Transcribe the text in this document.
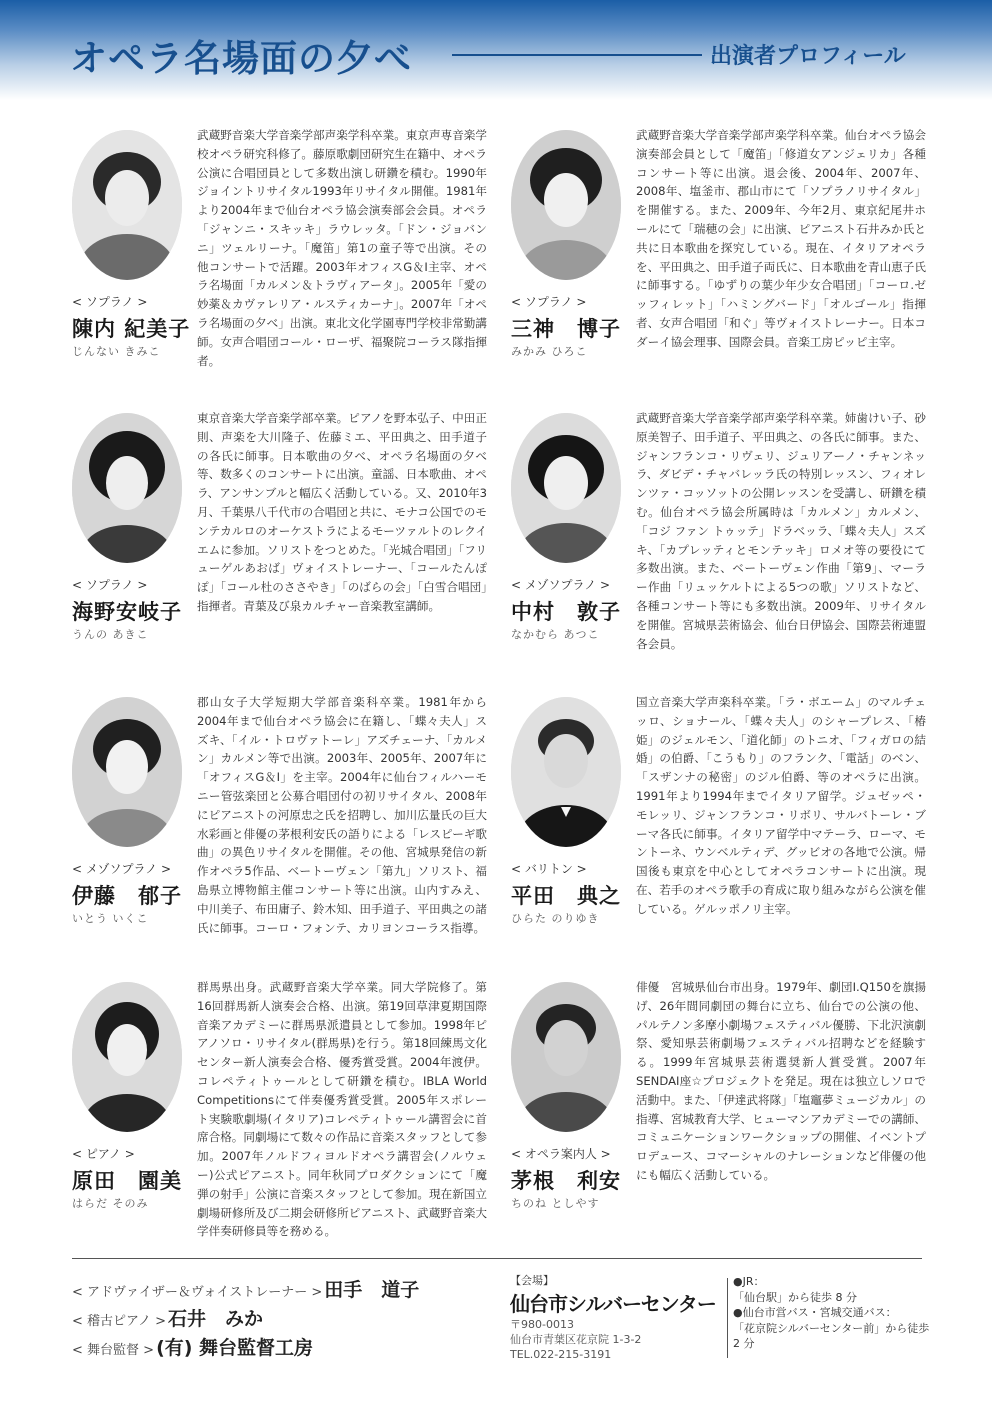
オペラ名場面の夕べ	出演者プロフィール
< ソプラノ >
陳内 紀美子
じんない きみこ
武蔵野音楽大学音楽学部声楽学科卒業。東京声専音楽学校オペラ研究科修了。藤原歌劇団研究生在籍中、オペラ公演に合唱団員として多数出演し研鑽を積む。1990年ジョイントリサイタル1993年リサイタル開催。1981年より2004年まで仙台オペラ協会演奏部会会員。オペラ「ジャンニ・スキッキ」ラウレッタ。「ドン・ジョバンニ」ツェルリーナ。「魔笛」第1の童子等で出演。その他コンサートで活躍。2003年オフィスG＆I主宰、オペラ名場面「カルメン＆トラヴィアータ」。2005年「愛の妙薬＆カヴァレリア・ルスティカーナ」。2007年「オペラ名場面の夕べ」出演。東北文化学園専門学校非常勤講師。女声合唱団コール・ローザ、福聚院コーラス隊指揮者。
< ソプラノ >
三神　博子
みかみ ひろこ
武蔵野音楽大学音楽学部声楽学科卒業。仙台オペラ協会演奏部会員として「魔笛」「修道女アンジェリカ」各種コンサート等に出演。退会後、2004年、2007年、2008年、塩釜市、郡山市にて「ソプラノリサイタル」を開催する。また、2009年、今年2月、東京紀尾井ホールにて「瑞穂の会」に出演、ピアニスト石井みか氏と共に日本歌曲を探究している。現在、イタリアオペラを、平田典之、田手道子両氏に、日本歌曲を青山恵子氏に師事する。「ゆずりの葉少年少女合唱団」「コーロ.ゼッフィレット」「ハミングバード」「オルゴール」指揮者、女声合唱団「和ぐ」等ヴォイストレーナー。日本コダーイ協会理事、国際会員。音楽工房ピッピ主宰。
< ソプラノ >
海野安岐子
うんの あきこ
東京音楽大学音楽学部卒業。ピアノを野本弘子、中田正則、声楽を大川隆子、佐藤ミエ、平田典之、田手道子の各氏に師事。日本歌曲の夕べ、オペラ名場面の夕べ等、数多くのコンサートに出演。童謡、日本歌曲、オペラ、アンサンブルと幅広く活動している。又、2010年3月、千葉県八千代市の合唱団と共に、モナコ公国でのモンテカルロのオーケストラによるモーツァルトのレクイエムに参加。ソリストをつとめた。「光城合唱団」「フリューゲルあおば」ヴォイストレーナー、「コールたんぽぽ」「コール杜のささやき」「のばらの会」「白雪合唱団」指揮者。青葉及び泉カルチャー音楽教室講師。
< メゾソプラノ >
中村　敦子
なかむら あつこ
武蔵野音楽大学音楽学部声楽学科卒業。姉歯けい子、砂原美智子、田手道子、平田典之、の各氏に師事。また、ジャンフランコ・リヴェリ、ジュリアーノ・チャンネッラ、ダビデ・チャバレッラ氏の特別レッスン、フィオレンツァ・コッソットの公開レッスンを受講し、研鑽を積む。仙台オペラ協会所属時は「カルメン」カルメン、「コジ ファン トゥッテ」ドラベッラ、「蝶々夫人」スズキ、「カプレッティとモンテッキ」ロメオ等の要役にて多数出演。また、ベートーヴェン作曲「第9」、マーラー作曲「リュッケルトによる5つの歌」ソリストなど、各種コンサート等にも多数出演。2009年、リサイタルを開催。宮城県芸術協会、仙台日伊協会、国際芸術連盟各会員。
< メゾソプラノ >
伊藤　郁子
いとう いくこ
郡山女子大学短期大学部音楽科卒業。1981年から2004年まで仙台オペラ協会に在籍し、「蝶々夫人」スズキ、「イル・トロヴァトーレ」アズチェーナ、「カルメン」カルメン等で出演。2003年、2005年、2007年に「オフィスG＆I」を主宰。2004年に仙台フィルハーモニー管弦楽団と公募合唱団付の初リサイタル、2008年にピアニストの河原忠之氏を招聘し、加川広量氏の巨大水彩画と俳優の茅根利安氏の語りによる「レスピーギ歌曲」の異色リサイタルを開催。その他、宮城県発信の新作オペラ5作品、ベートーヴェン「第九」ソリスト、福島県立博物館主催コンサート等に出演。山内すみえ、中川美子、布田庸子、鈴木知、田手道子、平田典之の諸氏に師事。コーロ・フォンテ、カリヨンコーラス指導。
< バリトン >
平田　典之
ひらた のりゆき
国立音楽大学声楽科卒業。「ラ・ボエーム」のマルチェッロ、ショナール、「蝶々夫人」のシャープレス、「椿姫」のジェルモン、「道化師」のトニオ、「フィガロの結婚」の伯爵、「こうもり」のフランク、「電話」のベン、「スザンナの秘密」のジル伯爵、等のオペラに出演。1991年より1994年までイタリア留学。ジュゼッペ・モレッリ、ジャンフランコ・リボリ、サルバトーレ・ブーマ各氏に師事。イタリア留学中マテーラ、ローマ、モントーネ、ウンベルティデ、グッビオの各地で公演。帰国後も東京を中心としてオペラコンサートに出演。現在、若手のオペラ歌手の育成に取り組みながら公演を催している。ゲルッポノリ主宰。
< ピアノ >
原田　園美
はらだ そのみ
群馬県出身。武蔵野音楽大学卒業。同大学院修了。第16回群馬新人演奏会合格、出演。第19回草津夏期国際音楽アカデミーに群馬県派遣員として参加。1998年ピアノソロ・リサイタル(群馬県)を行う。第18回練馬文化センター新人演奏会合格、優秀賞受賞。2004年渡伊。コレペティトゥールとして研鑽を積む。IBLA World Competitionsにて伴奏優秀賞受賞。2005年スポレート実験歌劇場(イタリア)コレペティトゥール講習会に首席合格。同劇場にて数々の作品に音楽スタッフとして参加。2007年ノルドフィヨルドオペラ講習会(ノルウェー)公式ピアニスト。同年秋同プロダクションにて「魔弾の射手」公演に音楽スタッフとして参加。現在新国立劇場研修所及び二期会研修所ピアニスト、武蔵野音楽大学伴奏研修員等を務める。
< オペラ案内人 >
茅根　利安
ちのね としやす
俳優　宮城県仙台市出身。1979年、劇団I.Q150を旗揚げ、26年間同劇団の舞台に立ち、仙台での公演の他、パルテノン多摩小劇場フェスティバル優勝、下北沢演劇祭、愛知県芸術劇場フェスティバル招聘などを経験する。1999年宮城県芸術選奨新人賞受賞。2007年SENDAI座☆プロジェクトを発足。現在は独立しソロで活動中。また、「伊達武将隊」「塩竈夢ミュージカル」の指導、宮城教育大学、ヒューマンアカデミーでの講師、コミュニケーションワークショップの開催、イベントプロデュース、コマーシャルのナレーションなど俳優の他にも幅広く活動している。
< アドヴァイザー＆ヴォイストレーナー > 田手　道子
< 稽古ピアノ > 石井　みか
< 舞台監督 > (有) 舞台監督工房
【会場】
仙台市シルバーセンター
〒980-0013
仙台市青葉区花京院 1-3-2
TEL.022-215-3191
●JR：
「仙台駅」から徒歩 8 分
●仙台市営バス・宮城交通バス：
「花京院シルバーセンター前」から徒歩 2 分
